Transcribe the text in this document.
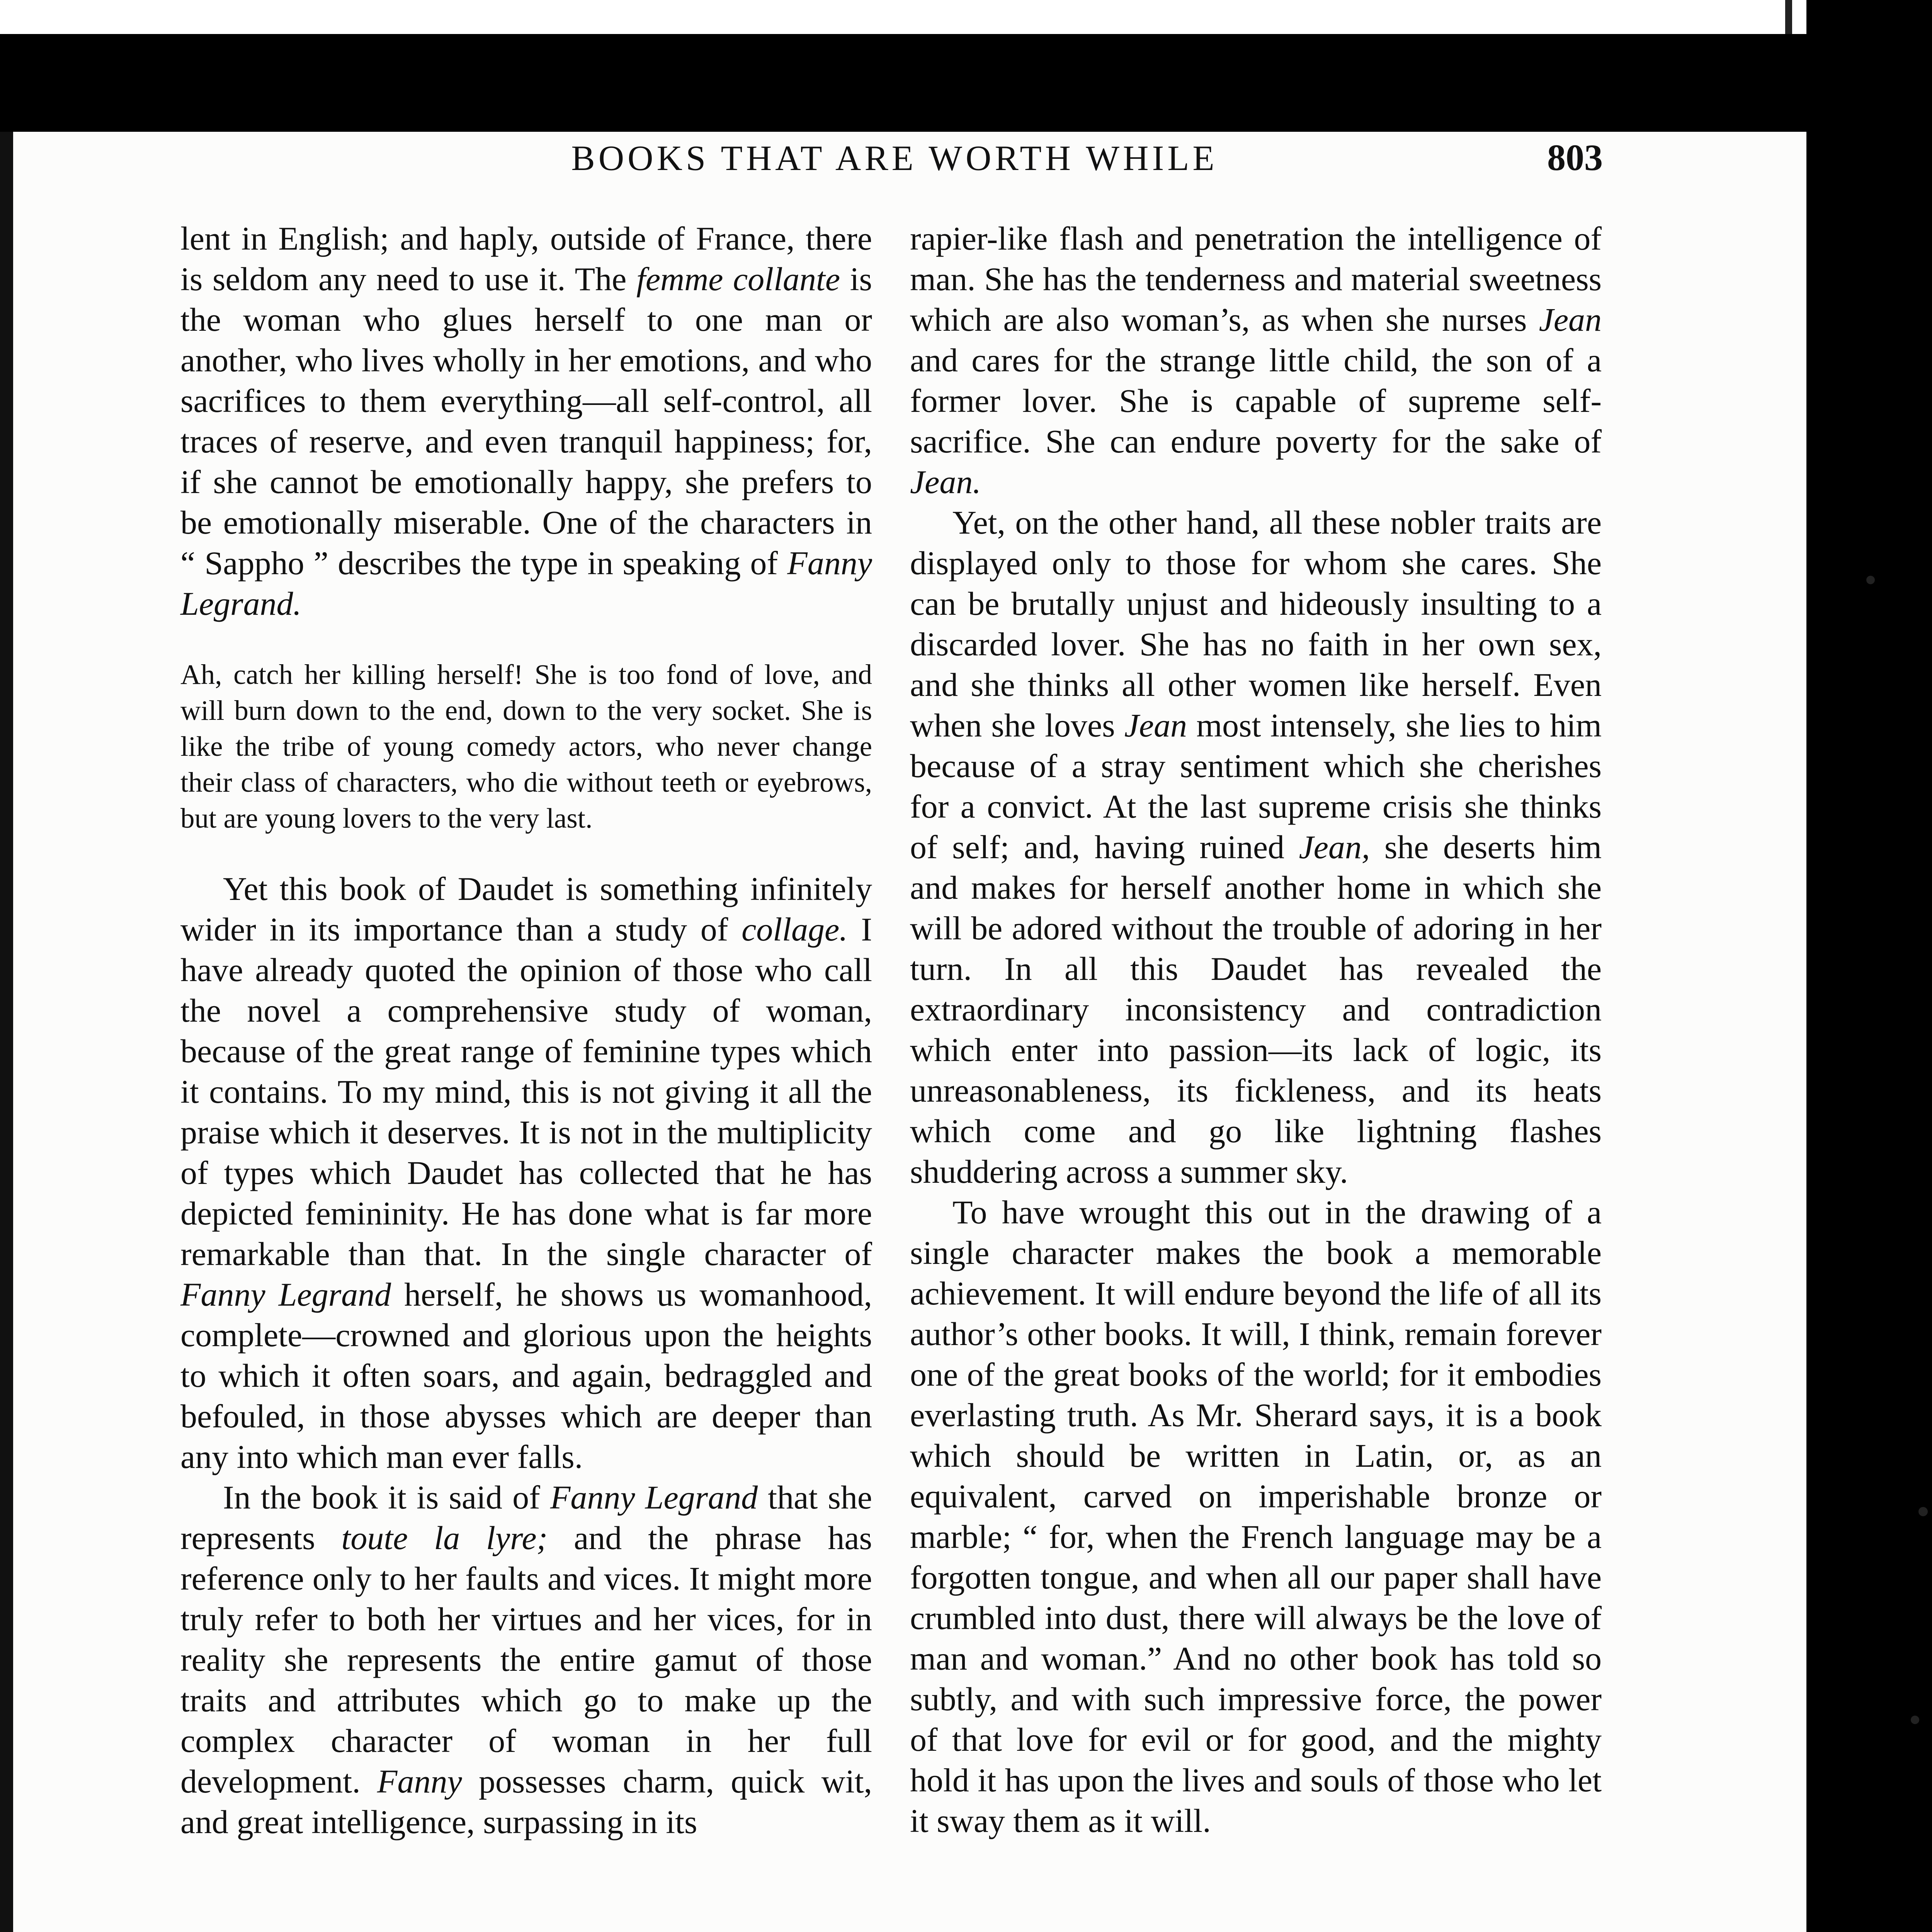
BOOKS THAT ARE WORTH WHILE	803

lent in English; and haply, outside of France, there is seldom any need to use it. The femme collante is the woman who glues herself to one man or another, who lives wholly in her emotions, and who sacrifices to them everything—all self-control, all traces of reserve, and even tranquil happiness; for, if she cannot be emotionally happy, she prefers to be emotionally miserable. One of the characters in “ Sappho ” describes the type in speaking of Fanny Legrand.

Ah, catch her killing herself! She is too fond of love, and will burn down to the end, down to the very socket. She is like the tribe of young comedy actors, who never change their class of characters, who die without teeth or eyebrows, but are young lovers to the very last.

Yet this book of Daudet is something infinitely wider in its importance than a study of collage. I have already quoted the opinion of those who call the novel a comprehensive study of woman, because of the great range of feminine types which it contains. To my mind, this is not giving it all the praise which it deserves. It is not in the multiplicity of types which Daudet has collected that he has depicted femininity. He has done what is far more remarkable than that. In the single character of Fanny Legrand herself, he shows us womanhood, complete—crowned and glorious upon the heights to which it often soars, and again, bedraggled and befouled, in those abysses which are deeper than any into which man ever falls.

In the book it is said of Fanny Legrand that she represents toute la lyre; and the phrase has reference only to her faults and vices. It might more truly refer to both her virtues and her vices, for in reality she represents the entire gamut of those traits and attributes which go to make up the complex character of woman in her full development. Fanny possesses charm, quick wit, and great intelligence, surpassing in its

rapier-like flash and penetration the intelligence of man. She has the tenderness and material sweetness which are also woman’s, as when she nurses Jean and cares for the strange little child, the son of a former lover. She is capable of supreme self-sacrifice. She can endure poverty for the sake of Jean.

Yet, on the other hand, all these nobler traits are displayed only to those for whom she cares. She can be brutally unjust and hideously insulting to a discarded lover. She has no faith in her own sex, and she thinks all other women like herself. Even when she loves Jean most intensely, she lies to him because of a stray sentiment which she cherishes for a convict. At the last supreme crisis she thinks of self; and, having ruined Jean, she deserts him and makes for herself another home in which she will be adored without the trouble of adoring in her turn. In all this Daudet has revealed the extraordinary inconsistency and contradiction which enter into passion—its lack of logic, its unreasonableness, its fickleness, and its heats which come and go like lightning flashes shuddering across a summer sky.

To have wrought this out in the drawing of a single character makes the book a memorable achievement. It will endure beyond the life of all its author’s other books. It will, I think, remain forever one of the great books of the world; for it embodies everlasting truth. As Mr. Sherard says, it is a book which should be written in Latin, or, as an equivalent, carved on imperishable bronze or marble; “ for, when the French language may be a forgotten tongue, and when all our paper shall have crumbled into dust, there will always be the love of man and woman.” And no other book has told so subtly, and with such impressive force, the power of that love for evil or for good, and the mighty hold it has upon the lives and souls of those who let it sway them as it will.
